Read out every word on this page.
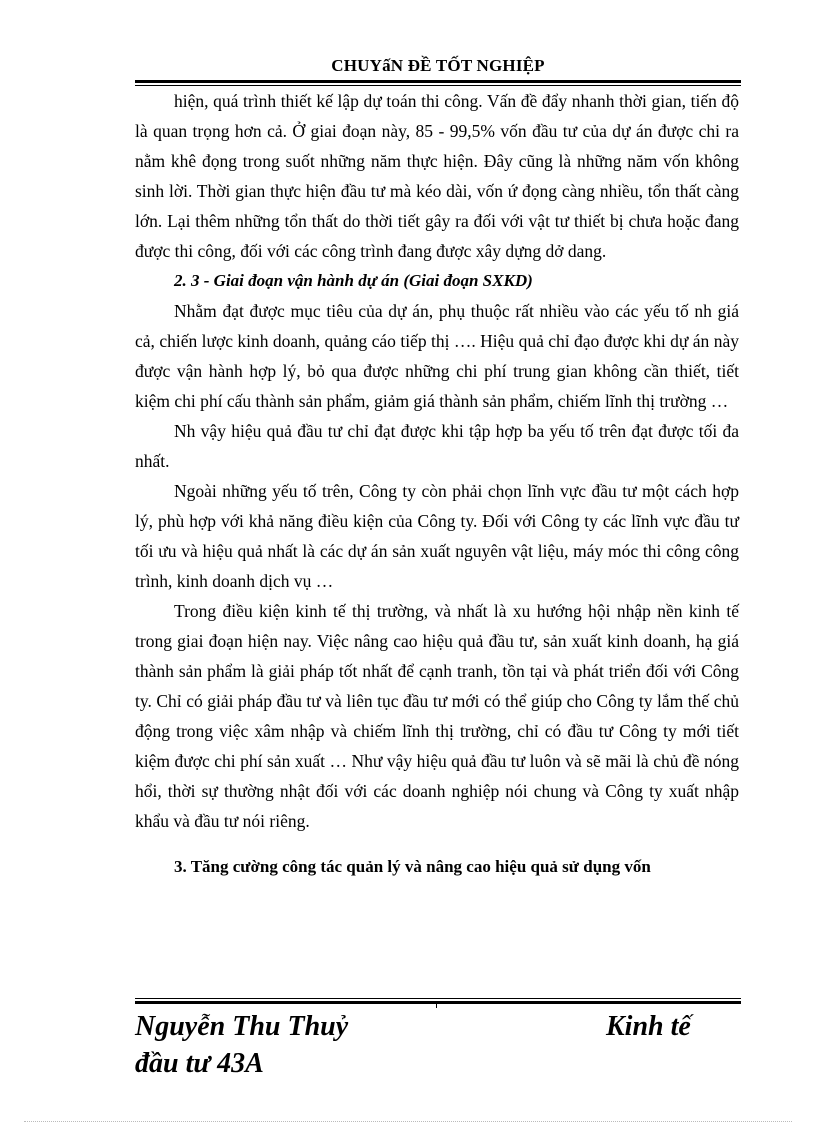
CHUYấN ĐỀ TỐT NGHIỆP

hiện, quá trình thiết kế lập dự toán thi công. Vấn đề đẩy nhanh thời gian, tiến độ là quan trọng hơn cả. Ở giai đoạn này, 85 - 99,5% vốn đầu tư của dự án được chi ra nằm khê đọng trong suốt những năm thực hiện. Đây cũng là những năm vốn không sinh lời. Thời gian thực hiện đầu tư mà kéo dài, vốn ứ đọng càng nhiều, tổn thất càng lớn. Lại thêm những tổn thất do thời tiết gây ra đối với vật tư thiết bị chưa hoặc đang được thi công, đối với các công trình đang được xây dựng dở dang.

2. 3 - Giai đoạn vận hành dự án (Giai đoạn SXKD)

Nhằm đạt được mục tiêu của dự án, phụ thuộc rất nhiều vào các yếu tố nh giá cả, chiến lược kinh doanh, quảng cáo tiếp thị …. Hiệu quả chỉ đạo được khi dự án này được vận hành hợp lý, bỏ qua được những chi phí trung gian không cần thiết, tiết kiệm chi phí cấu thành sản phẩm, giảm giá thành sản phẩm, chiếm lĩnh thị trường …

Nh vậy hiệu quả đầu tư chỉ đạt được khi tập hợp ba yếu tố trên đạt được tối đa nhất.

Ngoài những yếu tố trên, Công ty còn phải chọn lĩnh vực đầu tư một cách hợp lý, phù hợp với khả năng điều kiện của Công ty. Đối với Công ty các lĩnh vực đầu tư tối ưu và hiệu quả nhất là các dự án sản xuất nguyên vật liệu, máy móc thi công công trình, kinh doanh dịch vụ …

Trong điều kiện kinh tế thị trường, và nhất là xu hướng hội nhập nền kinh tế trong giai đoạn hiện nay. Việc nâng cao hiệu quả đầu tư, sản xuất kinh doanh, hạ giá thành sản phẩm là giải pháp tốt nhất để cạnh tranh, tồn tại và phát triển đối với Công ty. Chỉ có giải pháp đầu tư và liên tục đầu tư mới có thể giúp cho Công ty lắm thế chủ động trong việc xâm nhập và chiếm lĩnh thị trường, chỉ có đầu tư Công ty mới tiết kiệm được chi phí sản xuất … Như vậy hiệu quả đầu tư luôn và sẽ mãi là chủ đề nóng hổi, thời sự thường nhật đối với các doanh nghiệp nói chung và Công ty xuất nhập khẩu và đầu tư nói riêng.

3. Tăng cường công tác quản lý và nâng cao hiệu quả sử dụng vốn
Nguyễn Thu Thuỷ	Kinh tế
đầu tư 43A
